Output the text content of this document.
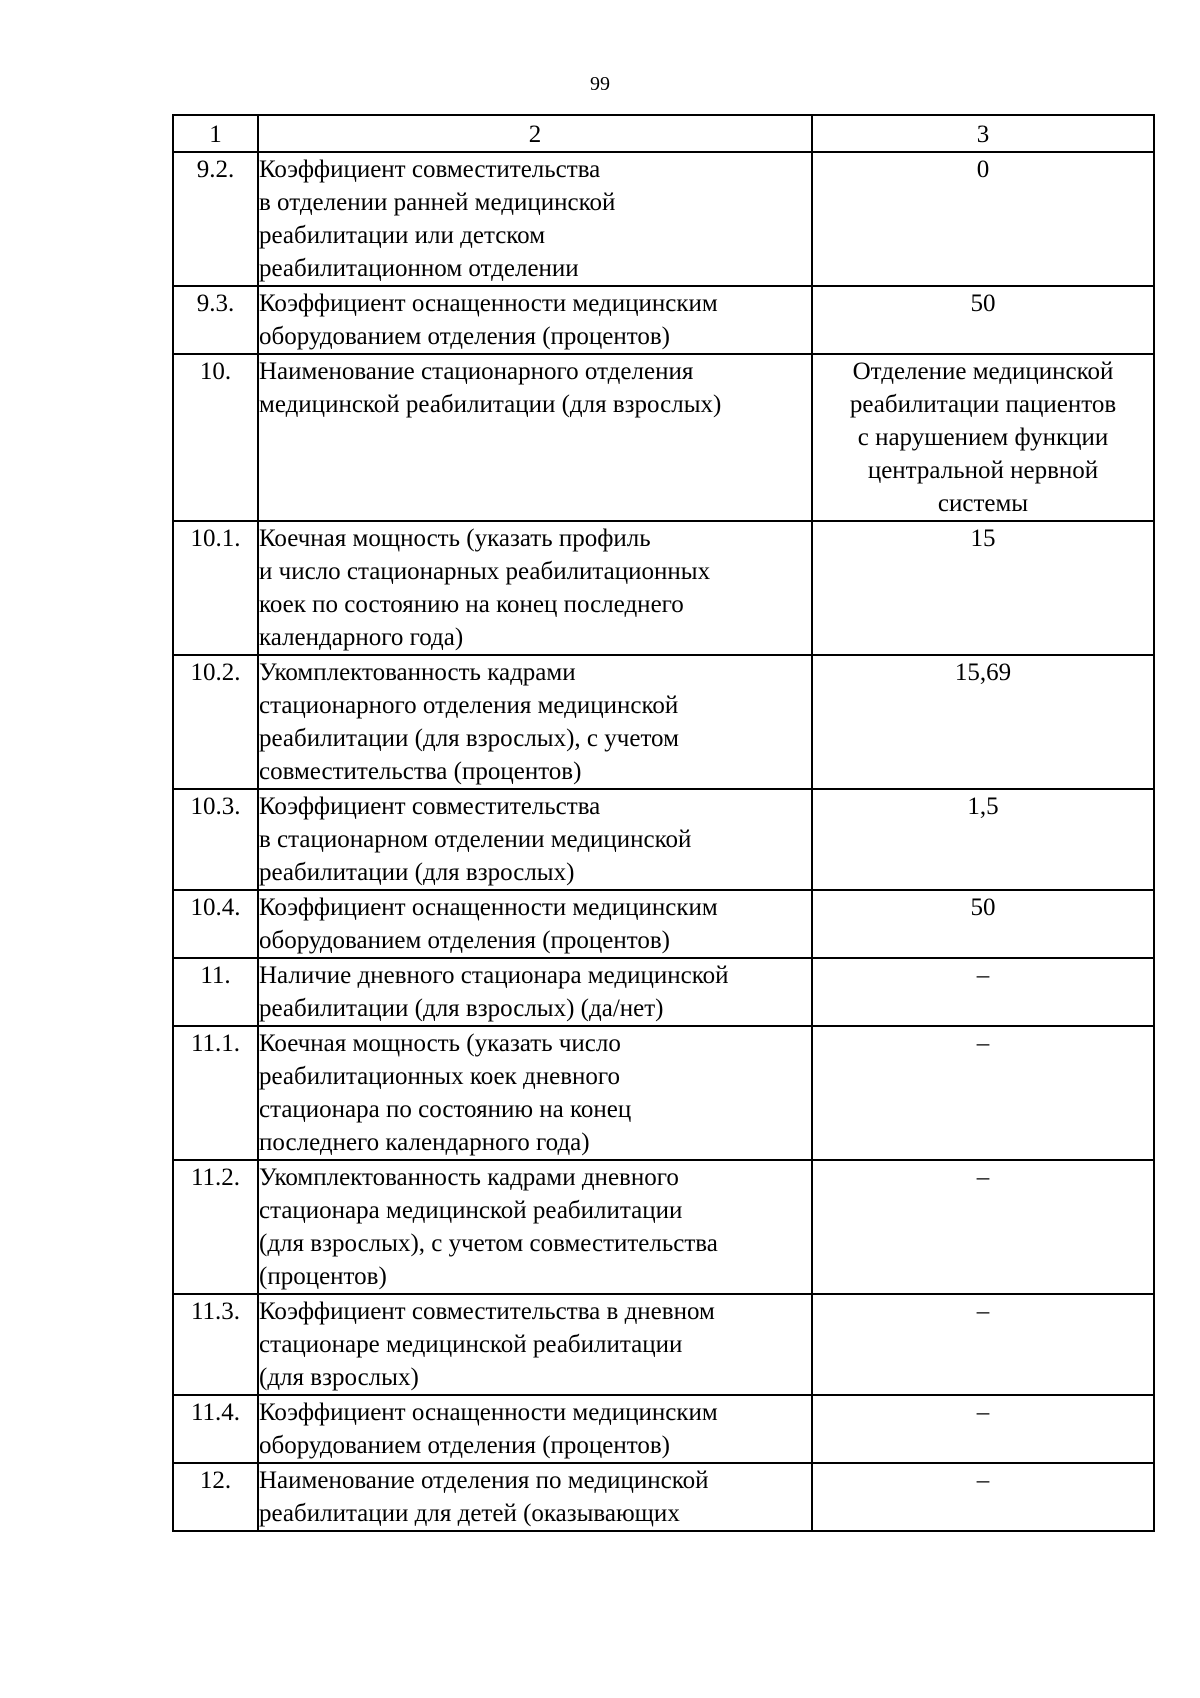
99
1	2	3
9.2.	Коэффициент совместительства
в отделении ранней медицинской
реабилитации или детском
реабилитационном отделении	0
9.3.	Коэффициент оснащенности медицинским
оборудованием отделения (процентов)	50
10.	Наименование стационарного отделения
медицинской реабилитации (для взрослых)	Отделение медицинской
реабилитации пациентов
с нарушением функции
центральной нервной
системы
10.1.	Коечная мощность (указать профиль
и число стационарных реабилитационных
коек по состоянию на конец последнего
календарного года)	15
10.2.	Укомплектованность кадрами
стационарного отделения медицинской
реабилитации (для взрослых), с учетом
совместительства (процентов)	15,69
10.3.	Коэффициент совместительства
в стационарном отделении медицинской
реабилитации (для взрослых)	1,5
10.4.	Коэффициент оснащенности медицинским
оборудованием отделения (процентов)	50
11.	Наличие дневного стационара медицинской
реабилитации (для взрослых) (да/нет)	–
11.1.	Коечная мощность (указать число
реабилитационных коек дневного
стационара по состоянию на конец
последнего календарного года)	–
11.2.	Укомплектованность кадрами дневного
стационара медицинской реабилитации
(для взрослых), с учетом совместительства
(процентов)	–
11.3.	Коэффициент совместительства в дневном
стационаре медицинской реабилитации
(для взрослых)	–
11.4.	Коэффициент оснащенности медицинским
оборудованием отделения (процентов)	–
12.	Наименование отделения по медицинской
реабилитации для детей (оказывающих	–
